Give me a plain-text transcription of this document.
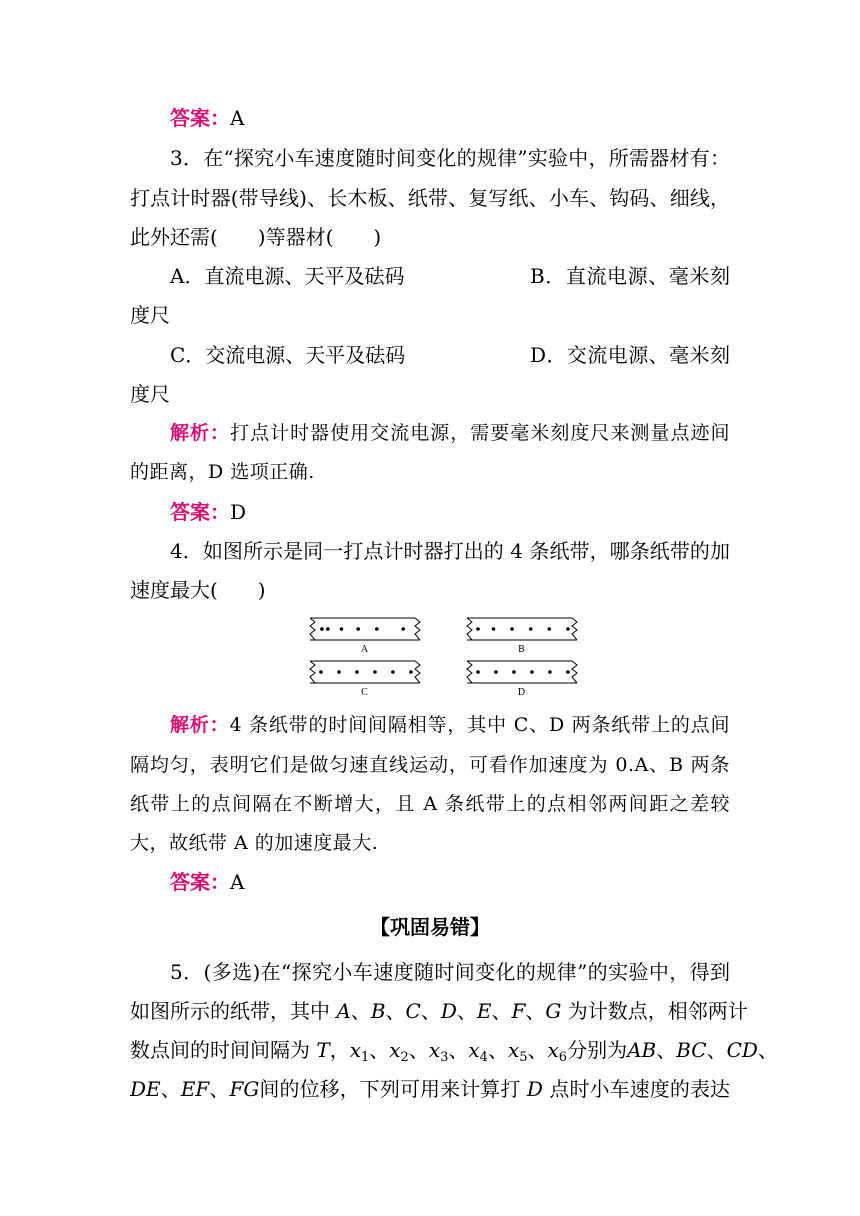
答案：A
3．在“探究小车速度随时间变化的规律”实验中，所需器材有：
打点计时器(带导线)、长木板、纸带、复写纸、小车、钩码、细线，
此外还需(　　)等器材(　　)
A．直流电源、天平及砝码	B．直流电源、毫米刻
度尺
C．交流电源、天平及砝码	D．交流电源、毫米刻
度尺
解析：打点计时器使用交流电源，需要毫米刻度尺来测量点迹间
的距离，D 选项正确.
答案：D
4．如图所示是同一打点计时器打出的 4 条纸带，哪条纸带的加
速度最大(　　)
A	B
C	D
解析：4 条纸带的时间间隔相等，其中 C、D 两条纸带上的点间
隔均匀，表明它们是做匀速直线运动，可看作加速度为 0.A、B 两条
纸带上的点间隔在不断增大，且 A 条纸带上的点相邻两间距之差较
大，故纸带 A 的加速度最大.
答案：A
【巩固易错】
5．(多选)在“探究小车速度随时间变化的规律”的实验中，得到
如图所示的纸带，其中 A、B、C、D、E、F、G 为计数点，相邻两计
数点间的时间间隔为 T，$x_1$、$x_2$、$x_3$、$x_4$、$x_5$、$x_6$分别为AB、BC、CD、
DE、EF、FG间的位移，下列可用来计算打 D 点时小车速度的表达
